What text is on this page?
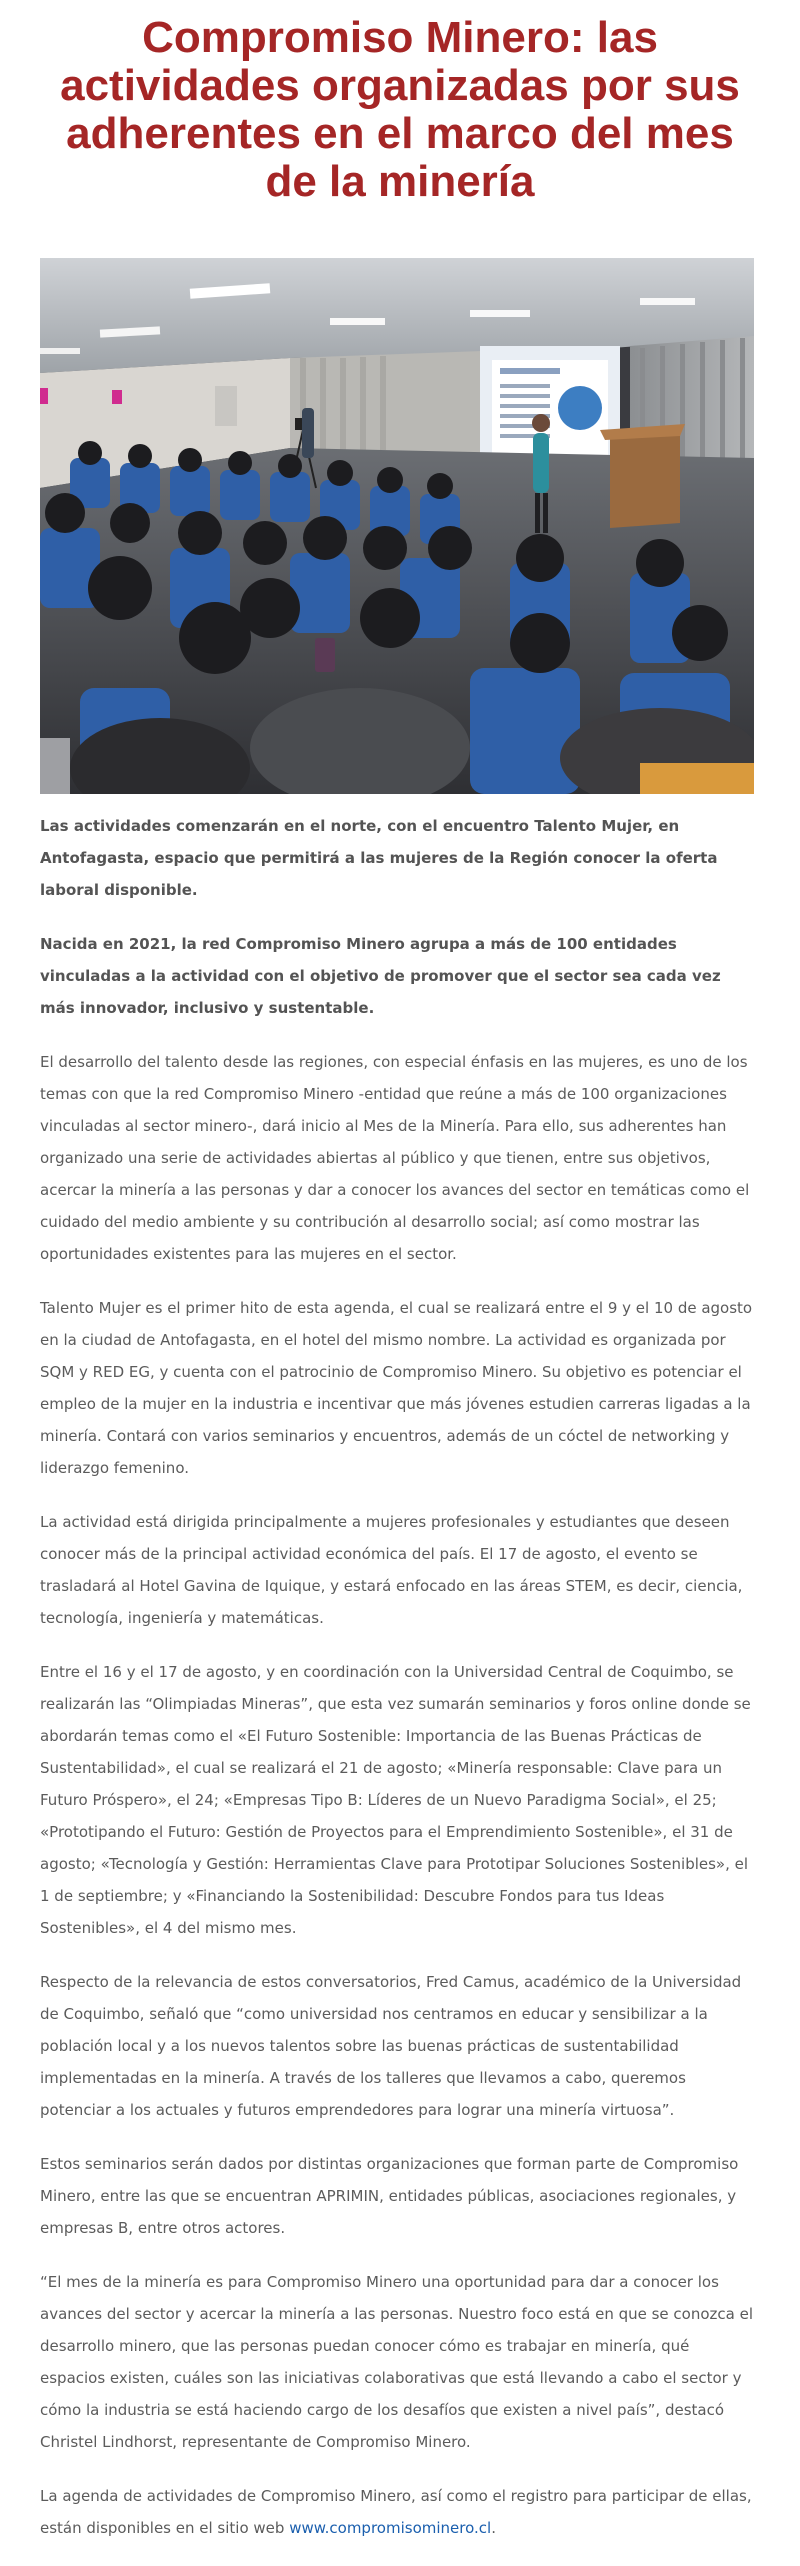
Compromiso Minero: las actividades organizadas por sus adherentes en el marco del mes de la minería

Las actividades comenzarán en el norte, con el encuentro Talento Mujer, en Antofagasta, espacio que permitirá a las mujeres de la Región conocer la oferta laboral disponible.

Nacida en 2021, la red Compromiso Minero agrupa a más de 100 entidades vinculadas a la actividad con el objetivo de promover que el sector sea cada vez más innovador, inclusivo y sustentable.

El desarrollo del talento desde las regiones, con especial énfasis en las mujeres, es uno de los temas con que la red Compromiso Minero -entidad que reúne a más de 100 organizaciones vinculadas al sector minero-, dará inicio al Mes de la Minería. Para ello, sus adherentes han organizado una serie de actividades abiertas al público y que tienen, entre sus objetivos, acercar la minería a las personas y dar a conocer los avances del sector en temáticas como el cuidado del medio ambiente y su contribución al desarrollo social; así como mostrar las oportunidades existentes para las mujeres en el sector.

Talento Mujer es el primer hito de esta agenda, el cual se realizará entre el 9 y el 10 de agosto en la ciudad de Antofagasta, en el hotel del mismo nombre. La actividad es organizada por SQM y RED EG, y cuenta con el patrocinio de Compromiso Minero. Su objetivo es potenciar el empleo de la mujer en la industria e incentivar que más jóvenes estudien carreras ligadas a la minería. Contará con varios seminarios y encuentros, además de un cóctel de networking y liderazgo femenino.

La actividad está dirigida principalmente a mujeres profesionales y estudiantes que deseen conocer más de la principal actividad económica del país. El 17 de agosto, el evento se trasladará al Hotel Gavina de Iquique, y estará enfocado en las áreas STEM, es decir, ciencia, tecnología, ingeniería y matemáticas.

Entre el 16 y el 17 de agosto, y en coordinación con la Universidad Central de Coquimbo, se realizarán las “Olimpiadas Mineras”, que esta vez sumarán seminarios y foros online donde se abordarán temas como el «El Futuro Sostenible: Importancia de las Buenas Prácticas de Sustentabilidad», el cual se realizará el 21 de agosto; «Minería responsable: Clave para un Futuro Próspero», el 24; «Empresas Tipo B: Líderes de un Nuevo Paradigma Social», el 25; «Prototipando el Futuro: Gestión de Proyectos para el Emprendimiento Sostenible», el 31 de agosto; «Tecnología y Gestión: Herramientas Clave para Prototipar Soluciones Sostenibles», el 1 de septiembre; y «Financiando la Sostenibilidad: Descubre Fondos para tus Ideas Sostenibles», el 4 del mismo mes.

Respecto de la relevancia de estos conversatorios, Fred Camus, académico de la Universidad de Coquimbo, señaló que “como universidad nos centramos en educar y sensibilizar a la población local y a los nuevos talentos sobre las buenas prácticas de sustentabilidad implementadas en la minería. A través de los talleres que llevamos a cabo, queremos potenciar a los actuales y futuros emprendedores para lograr una minería virtuosa”.

Estos seminarios serán dados por distintas organizaciones que forman parte de Compromiso Minero, entre las que se encuentran APRIMIN, entidades públicas, asociaciones regionales, y empresas B, entre otros actores.

“El mes de la minería es para Compromiso Minero una oportunidad para dar a conocer los avances del sector y acercar la minería a las personas. Nuestro foco está en que se conozca el desarrollo minero, que las personas puedan conocer cómo es trabajar en minería, qué espacios existen, cuáles son las iniciativas colaborativas que está llevando a cabo el sector y cómo la industria se está haciendo cargo de los desafíos que existen a nivel país”, destacó Christel Lindhorst, representante de Compromiso Minero.

La agenda de actividades de Compromiso Minero, así como el registro para participar de ellas, están disponibles en el sitio web www.compromisominero.cl.
